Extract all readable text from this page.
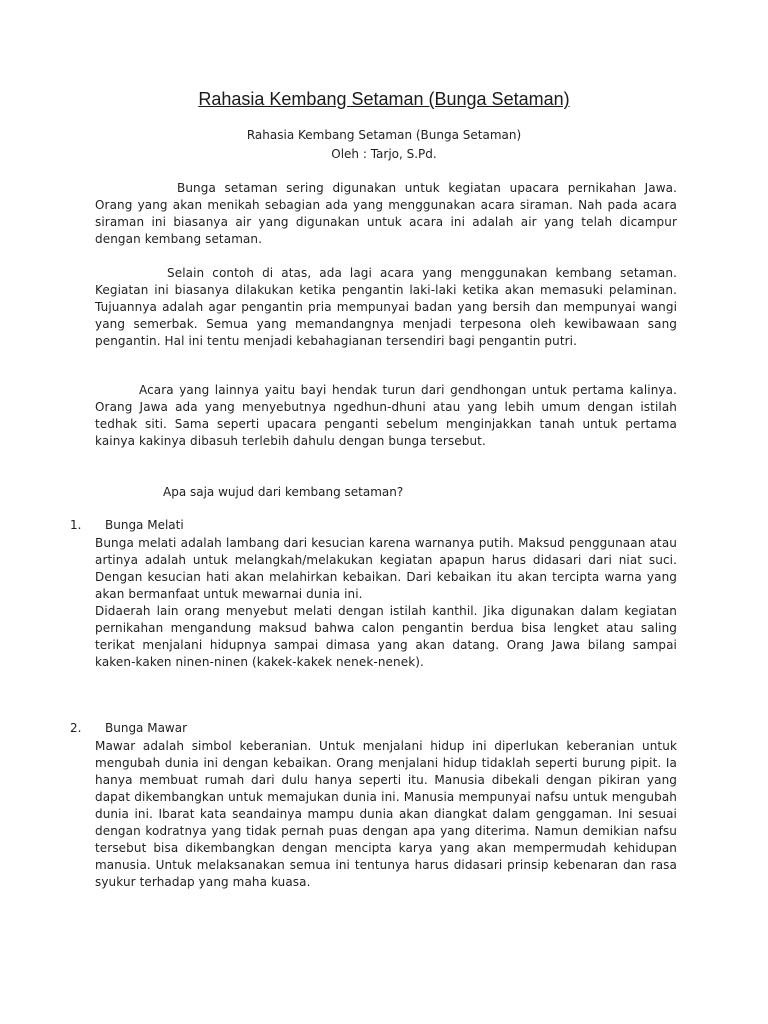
Rahasia Kembang Setaman (Bunga Setaman)
Rahasia Kembang Setaman (Bunga Setaman)
Oleh : Tarjo, S.Pd.

Bunga setaman sering digunakan untuk kegiatan upacara pernikahan Jawa. Orang yang akan menikah sebagian ada yang menggunakan acara siraman. Nah pada acara siraman ini biasanya air yang digunakan untuk acara ini adalah air yang telah dicampur dengan kembang setaman.

Selain contoh di atas, ada lagi acara yang menggunakan kembang setaman. Kegiatan ini biasanya dilakukan ketika pengantin laki-laki ketika akan memasuki pelaminan. Tujuannya adalah agar pengantin pria mempunyai badan yang bersih dan mempunyai wangi yang semerbak. Semua yang memandangnya menjadi terpesona oleh kewibawaan sang pengantin. Hal ini tentu menjadi kebahagianan tersendiri bagi pengantin putri.

Acara yang lainnya yaitu bayi hendak turun dari gendhongan untuk pertama kalinya. Orang Jawa ada yang menyebutnya ngedhun-dhuni atau yang lebih umum dengan istilah tedhak siti. Sama seperti upacara penganti sebelum menginjakkan tanah untuk pertama kainya kakinya dibasuh terlebih dahulu dengan bunga tersebut.

Apa saja wujud dari kembang setaman?
1. Bunga Melati

Bunga melati adalah lambang dari kesucian karena warnanya putih. Maksud penggunaan atau artinya adalah untuk melangkah/melakukan kegiatan apapun harus didasari dari niat suci. Dengan kesucian hati akan melahirkan kebaikan. Dari kebaikan itu akan tercipta warna yang akan bermanfaat untuk mewarnai dunia ini.

Didaerah lain orang menyebut melati dengan istilah kanthil. Jika digunakan dalam kegiatan pernikahan mengandung maksud bahwa calon pengantin berdua bisa lengket atau saling terikat menjalani hidupnya sampai dimasa yang akan datang. Orang Jawa bilang sampai kaken-kaken ninen-ninen (kakek-kakek nenek-nenek).

2. Bunga Mawar

Mawar adalah simbol keberanian. Untuk menjalani hidup ini diperlukan keberanian untuk mengubah dunia ini dengan kebaikan. Orang menjalani hidup tidaklah seperti burung pipit. Ia hanya membuat rumah dari dulu hanya seperti itu. Manusia dibekali dengan pikiran yang dapat dikembangkan untuk memajukan dunia ini. Manusia mempunyai nafsu untuk mengubah dunia ini. Ibarat kata seandainya mampu dunia akan diangkat dalam genggaman. Ini sesuai dengan kodratnya yang tidak pernah puas dengan apa yang diterima. Namun demikian nafsu tersebut bisa dikembangkan dengan mencipta karya yang akan mempermudah kehidupan manusia. Untuk melaksanakan semua ini tentunya harus didasari prinsip kebenaran dan rasa syukur terhadap yang maha kuasa.
